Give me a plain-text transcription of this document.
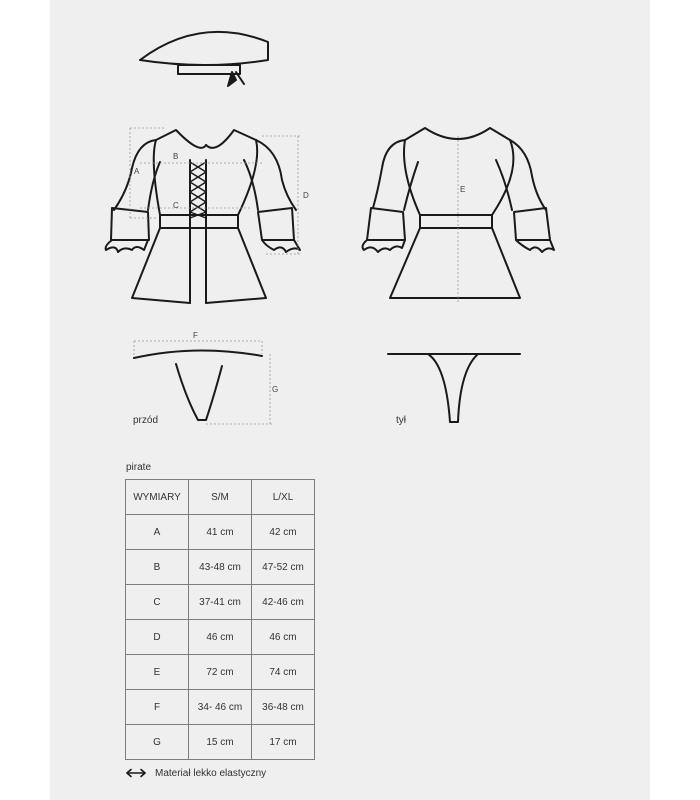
A
B
C
D
E
F
G
przód	tył
pirate
WYMIARY	S/M	L/XL
A	41 cm	42 cm
B	43-48 cm	47-52 cm
C	37-41 cm	42-46 cm
D	46 cm	46 cm
E	72 cm	74 cm
F	34- 46 cm	36-48 cm
G	15 cm	17 cm
Materiał lekko elastyczny
